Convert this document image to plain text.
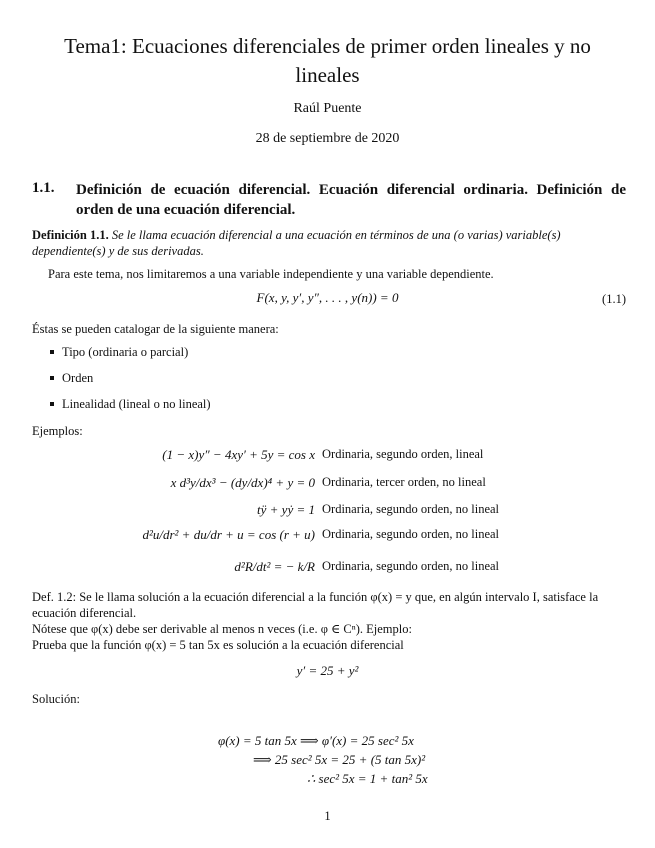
Tema1: Ecuaciones diferenciales de primer orden lineales y no lineales
Raúl Puente
28 de septiembre de 2020
1.1. Definición de ecuación diferencial. Ecuación diferencial ordinaria. Definición de orden de una ecuación diferencial.
Definición 1.1. Se le llama ecuación diferencial a una ecuación en términos de una (o varias) variable(s) dependiente(s) y de sus derivadas.
Para este tema, nos limitaremos a una variable independiente y una variable dependiente.
F(x, y, y′, y″, . . . , y(n)) = 0	(1.1)
Éstas se pueden catalogar de la siguiente manera:
Tipo (ordinaria o parcial)
Orden
Linealidad (lineal o no lineal)
Ejemplos:
(1 − x)y″ − 4xy′ + 5y = cos x Ordinaria, segundo orden, lineal
x d³y/dx³ − (dy/dx)⁴ + y = 0 Ordinaria, tercer orden, no lineal
tÿ + yẏ = 1 Ordinaria, segundo orden, no lineal
d²u/dr² + du/dr + u = cos (r + u) Ordinaria, segundo orden, no lineal
d²R/dt² = − k/R Ordinaria, segundo orden, no lineal
Def. 1.2: Se le llama solución a la ecuación diferencial a la función φ(x) = y que, en algún intervalo I, satisface la ecuación diferencial.
Nótese que φ(x) debe ser derivable al menos n veces (i.e. φ ∈ Cⁿ). Ejemplo:
Prueba que la función φ(x) = 5 tan 5x es solución a la ecuación diferencial
y′ = 25 + y²
Solución:
φ(x) = 5 tan 5x ⟹ φ′(x) = 25 sec² 5x
⟹ 25 sec² 5x = 25 + (5 tan 5x)²
∴ sec² 5x = 1 + tan² 5x
1
